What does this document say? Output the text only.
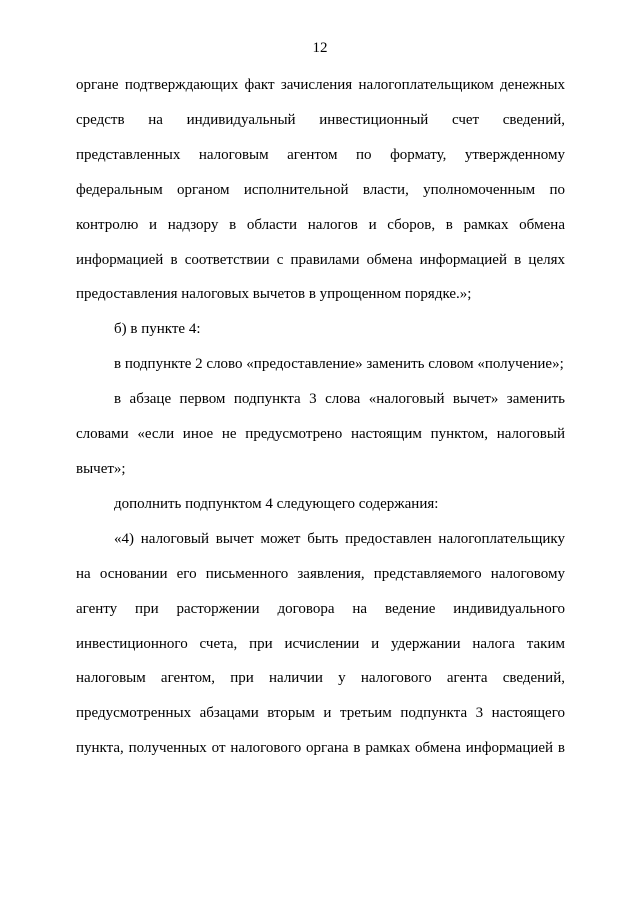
12

органе подтверждающих факт зачисления налогоплательщиком денежных средств на индивидуальный инвестиционный счет сведений, представленных налоговым агентом по формату, утвержденному федеральным органом исполнительной власти, уполномоченным по контролю и надзору в области налогов и сборов, в рамках обмена информацией в соответствии с правилами обмена информацией в целях предоставления налоговых вычетов в упрощенном порядке.»;

б) в пункте 4:

в подпункте 2 слово «предоставление» заменить словом «получение»;

в абзаце первом подпункта 3 слова «налоговый вычет» заменить словами «если иное не предусмотрено настоящим пунктом, налоговый вычет»;

дополнить подпунктом 4 следующего содержания:

«4) налоговый вычет может быть предоставлен налогоплательщику на основании его письменного заявления, представляемого налоговому агенту при расторжении договора на ведение индивидуального инвестиционного счета, при исчислении и удержании налога таким налоговым агентом, при наличии у налогового агента сведений, предусмотренных абзацами вторым и третьим подпункта 3 настоящего пункта, полученных от налогового органа в рамках обмена информацией в
